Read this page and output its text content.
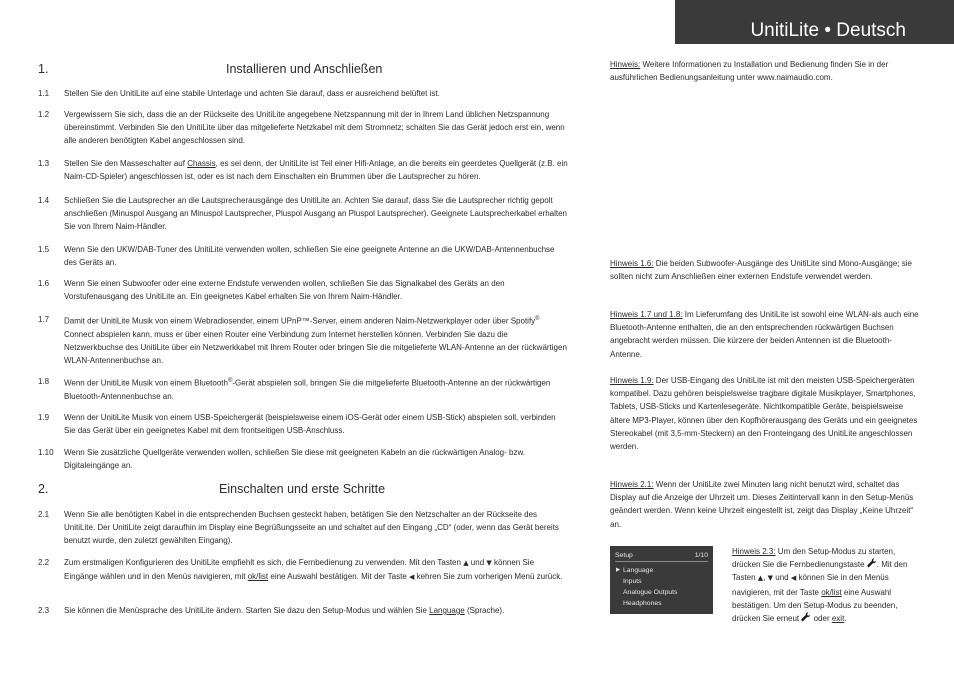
UnitiLite • Deutsch
1.	Installieren und Anschließen
1.1 Stellen Sie den UnitiLite auf eine stabile Unterlage und achten Sie darauf, dass er ausreichend belüftet ist.
1.2 Vergewissern Sie sich, dass die an der Rückseite des UnitiLite angegebene Netzspannung mit der in Ihrem Land üblichen Netzspannung übereinstimmt. Verbinden Sie den UnitiLite über das mitgelieferte Netzkabel mit dem Stromnetz; schalten Sie das Gerät jedoch erst ein, wenn alle anderen benötigten Kabel angeschlossen sind.
1.3 Stellen Sie den Masseschalter auf Chassis, es sei denn, der UnitiLite ist Teil einer Hifi-Anlage, an die bereits ein geerdetes Quellgerät (z.B. ein Naim-CD-Spieler) angeschlossen ist, oder es ist nach dem Einschalten ein Brummen über die Lautsprecher zu hören.
1.4 Schließen Sie die Lautsprecher an die Lautsprecherausgänge des UnitiLite an. Achten Sie darauf, dass Sie die Lautsprecher richtig gepolt anschließen (Minuspol Ausgang an Minuspol Lautsprecher, Pluspol Ausgang an Pluspol Lautsprecher). Geeignete Lautsprecherkabel erhalten Sie von Ihrem Naim-Händler.
1.5 Wenn Sie den UKW/DAB-Tuner des UnitiLite verwenden wollen, schließen Sie eine geeignete Antenne an die UKW/DAB-Antennenbuchse des Geräts an.
1.6 Wenn Sie einen Subwoofer oder eine externe Endstufe verwenden wollen, schließen Sie das Signalkabel des Geräts an den Vorstufenausgang des UnitiLite an. Ein geeignetes Kabel erhalten Sie von Ihrem Naim-Händler.
1.7 Damit der UnitiLite Musik von einem Webradiosender, einem UPnP™-Server, einem anderen Naim-Netzwerkplayer oder über Spotify® Connect abspielen kann, muss er über einen Router eine Verbindung zum Internet herstellen können. Verbinden Sie dazu die Netzwerkbuchse des UnitiLite über ein Netzwerkkabel mit Ihrem Router oder bringen Sie die mitgelieferte WLAN-Antenne an der rückwärtigen WLAN-Antennenbuchse an.
1.8 Wenn der UnitiLite Musik von einem Bluetooth®-Gerät abspielen soll, bringen Sie die mitgelieferte Bluetooth-Antenne an der rückwärtigen Bluetooth-Antennenbuchse an.
1.9 Wenn der UnitiLite Musik von einem USB-Speichergerät (beispielsweise einem iOS-Gerät oder einem USB-Stick) abspielen soll, verbinden Sie das Gerät über ein geeignetes Kabel mit dem frontseitigen USB-Anschluss.
1.10 Wenn Sie zusätzliche Quellgeräte verwenden wollen, schließen Sie diese mit geeigneten Kabeln an die rückwärtigen Analog- bzw. Digitaleingänge an.
2.	Einschalten und erste Schritte
2.1 Wenn Sie alle benötigten Kabel in die entsprechenden Buchsen gesteckt haben, betätigen Sie den Netzschalter an der Rückseite des UnitiLite. Der UnitiLite zeigt daraufhin im Display eine Begrüßungsseite an und schaltet auf den Eingang „CD“ (oder, wenn das Gerät bereits benutzt wurde, den zuletzt gewählten Eingang).
2.2 Zum erstmaligen Konfigurieren des UnitiLite empfiehlt es sich, die Fernbedienung zu verwenden. Mit den Tasten ▲ und ▼ können Sie Eingänge wählen und in den Menüs navigieren, mit ok/list eine Auswahl bestätigen. Mit der Taste ◀ kehren Sie zum vorherigen Menü zurück.
2.3 Sie können die Menüsprache des UnitiLite ändern. Starten Sie dazu den Setup-Modus und wählen Sie Language (Sprache).
Hinweis: Weitere Informationen zu Installation und Bedienung finden Sie in der ausführlichen Bedienungsanleitung unter www.naimaudio.com.
Hinweis 1.6: Die beiden Subwoofer-Ausgänge des UnitiLite sind Mono-Ausgänge; sie sollten nicht zum Anschließen einer externen Endstufe verwendet werden.
Hinweis 1.7 und 1.8: Im Lieferumfang des UnitiLite ist sowohl eine WLAN-als auch eine Bluetooth-Antenne enthalten, die an den entsprechenden rückwärtigen Buchsen angebracht werden müssen. Die kürzere der beiden Antennen ist die Bluetooth-Antenne.
Hinweis 1.9: Der USB-Eingang des UnitiLite ist mit den meisten USB-Speichergeräten kompatibel. Dazu gehören beispielsweise tragbare digitale Musikplayer, Smartphones, Tablets, USB-Sticks und Kartenlesegeräte. Nichtkompatible Geräte, beispielsweise ältere MP3-Player, können über den Kopfhörerausgang des Geräts und ein geeignetes Stereokabel (mit 3,5-mm-Steckern) an den Fronteingang des UnitiLite angeschlossen werden.
Hinweis 2.1: Wenn der UnitiLite zwei Minuten lang nicht benutzt wird, schaltet das Display auf die Anzeige der Uhrzeit um. Dieses Zeitintervall kann in den Setup-Menüs geändert werden. Wenn keine Uhrzeit eingestellt ist, zeigt das Display „Keine Uhrzeit“ an.
Setup	1/10
▶ Language
Inputs
Analogue Outputs
Headphones
Hinweis 2.3: Um den Setup-Modus zu starten, drücken Sie die Fernbedienungstaste . Mit den Tasten ▲, ▼ und ◀ können Sie in den Menüs navigieren, mit der Taste ok/list eine Auswahl bestätigen. Um den Setup-Modus zu beenden, drücken Sie erneut  oder exit.
